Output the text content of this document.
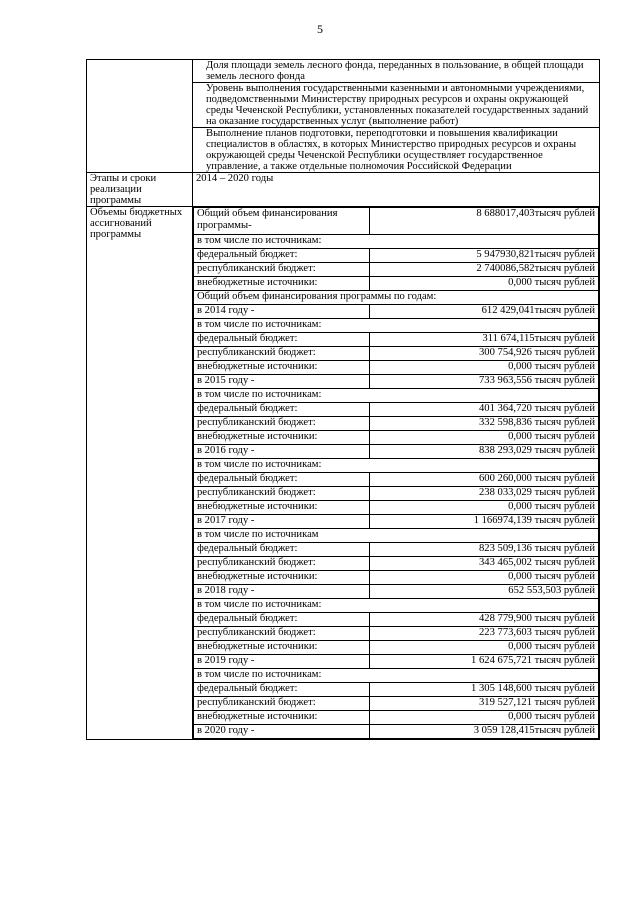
5

Доля площади земель лесного фонда, переданных в пользование, в общей площади земель лесного фонда

Уровень выполнения государственными казенными и автономными учреждениями, подведомственными Министерству природных ресурсов и охраны окружающей среды Чеченской Республики, установленных показателей государственных заданий на оказание государственных услуг (выполнение работ)

Выполнение планов подготовки, переподготовки и повышения квалификации специалистов в областях, в которых Министерство природных ресурсов и охраны окружающей среды Чеченской Республики осуществляет государственное управление, а также отдельные полномочия Российской Федерации

Этапы и сроки реализации программы	2014 – 2020 годы
Объемы бюджетных ассигнований программы	
Общий объем финансирования программы-	8 688017,403тысяч рублей
в том числе по источникам:
федеральный бюджет:	5 947930,821тысяч рублей
республиканский бюджет:	2 740086,582тысяч рублей
внебюджетные источники:	0,000 тысяч рублей
Общий объем финансирования программы по годам:
в 2014 году -	612 429,041тысяч рублей
в том числе по источникам:
федеральный бюджет:	311 674,115тысяч рублей
республиканский бюджет:	300 754,926 тысяч рублей
внебюджетные источники:	0,000 тысяч рублей
в 2015 году -	733 963,556 тысяч рублей
в том числе по источникам:
федеральный бюджет:	401 364,720 тысяч рублей
республиканский бюджет:	332 598,836 тысяч рублей
внебюджетные источники:	0,000 тысяч рублей
в 2016 году -	838 293,029 тысяч рублей
в том числе по источникам:
федеральный бюджет:	600 260,000 тысяч рублей
республиканский бюджет:	238 033,029 тысяч рублей
внебюджетные источники:	0,000 тысяч рублей
в 2017 году -	1 166974,139 тысяч рублей
в том числе по источникам
федеральный бюджет:	823 509,136 тысяч рублей
республиканский бюджет:	343 465,002 тысяч рублей
внебюджетные источники:	0,000 тысяч рублей
в 2018 году -	652 553,503 рублей
в том числе по источникам:
федеральный бюджет:	428 779,900 тысяч рублей
республиканский бюджет:	223 773,603 тысяч рублей
внебюджетные источники:	0,000 тысяч рублей
в 2019 году -	1 624 675,721 тысяч рублей
в том числе по источникам:
федеральный бюджет:	1 305 148,600 тысяч рублей
республиканский бюджет:	319 527,121 тысяч рублей
внебюджетные источники:	0,000 тысяч рублей
в 2020 году -	3 059 128,415тысяч рублей
